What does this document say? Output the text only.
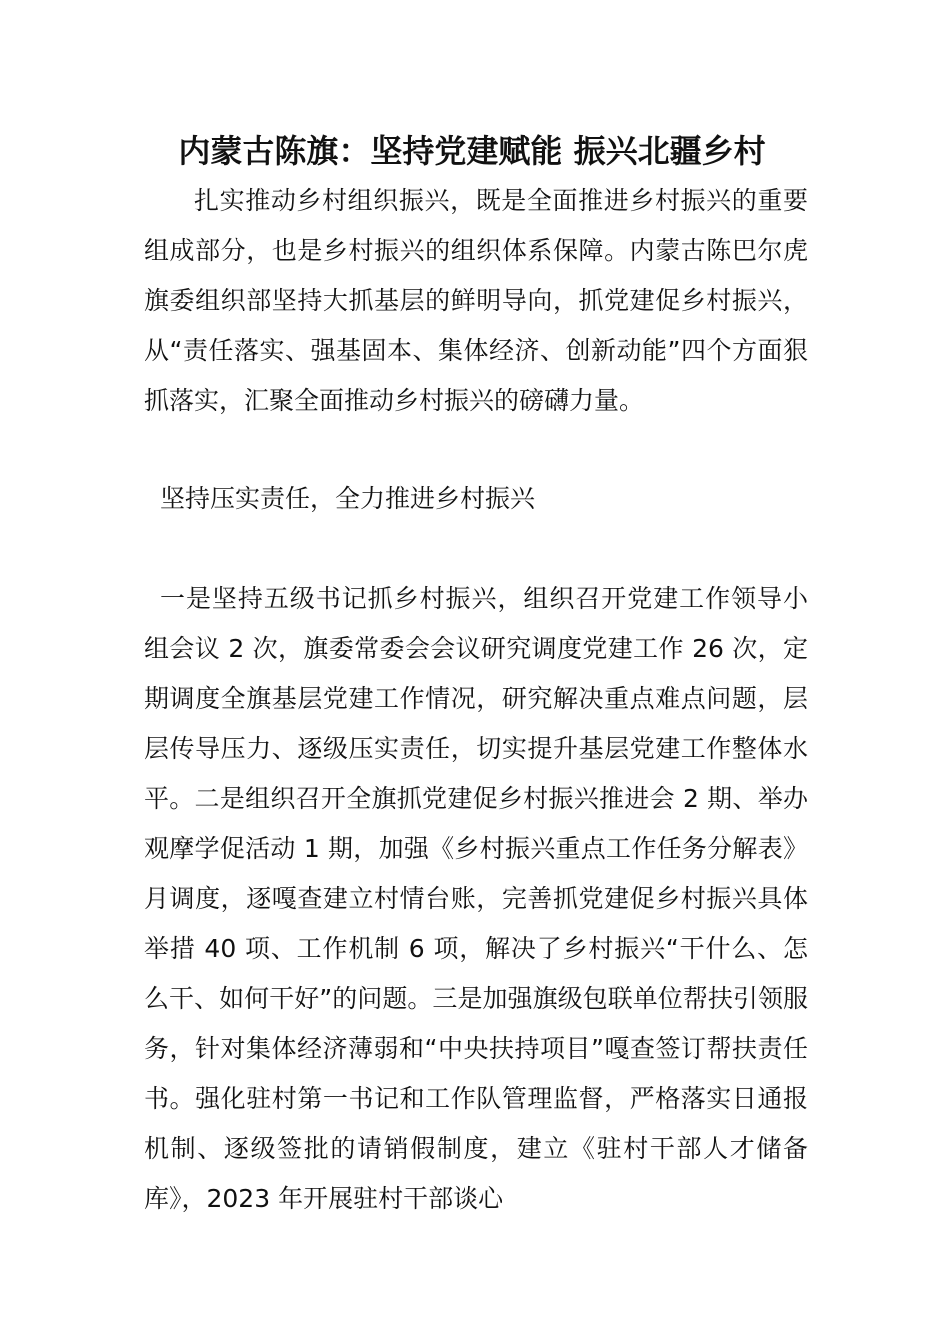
内蒙古陈旗：坚持党建赋能 振兴北疆乡村

扎实推动乡村组织振兴，既是全面推进乡村振兴的重要组成部分，也是乡村振兴的组织体系保障。内蒙古陈巴尔虎旗委组织部坚持大抓基层的鲜明导向，抓党建促乡村振兴，从“责任落实、强基固本、集体经济、创新动能”四个方面狠抓落实，汇聚全面推动乡村振兴的磅礴力量。

坚持压实责任，全力推进乡村振兴

一是坚持五级书记抓乡村振兴，组织召开党建工作领导小组会议 2 次，旗委常委会会议研究调度党建工作 26 次，定期调度全旗基层党建工作情况，研究解决重点难点问题，层层传导压力、逐级压实责任，切实提升基层党建工作整体水平。二是组织召开全旗抓党建促乡村振兴推进会 2 期、举办观摩学促活动 1 期，加强《乡村振兴重点工作任务分解表》月调度，逐嘎查建立村情台账，完善抓党建促乡村振兴具体举措 40 项、工作机制 6 项，解决了乡村振兴“干什么、怎么干、如何干好”的问题。三是加强旗级包联单位帮扶引领服务，针对集体经济薄弱和“中央扶持项目”嘎查签订帮扶责任书。强化驻村第一书记和工作队管理监督，严格落实日通报机制、逐级签批的请销假制度，建立《驻村干部人才储备库》，2023 年开展驻村干部谈心
